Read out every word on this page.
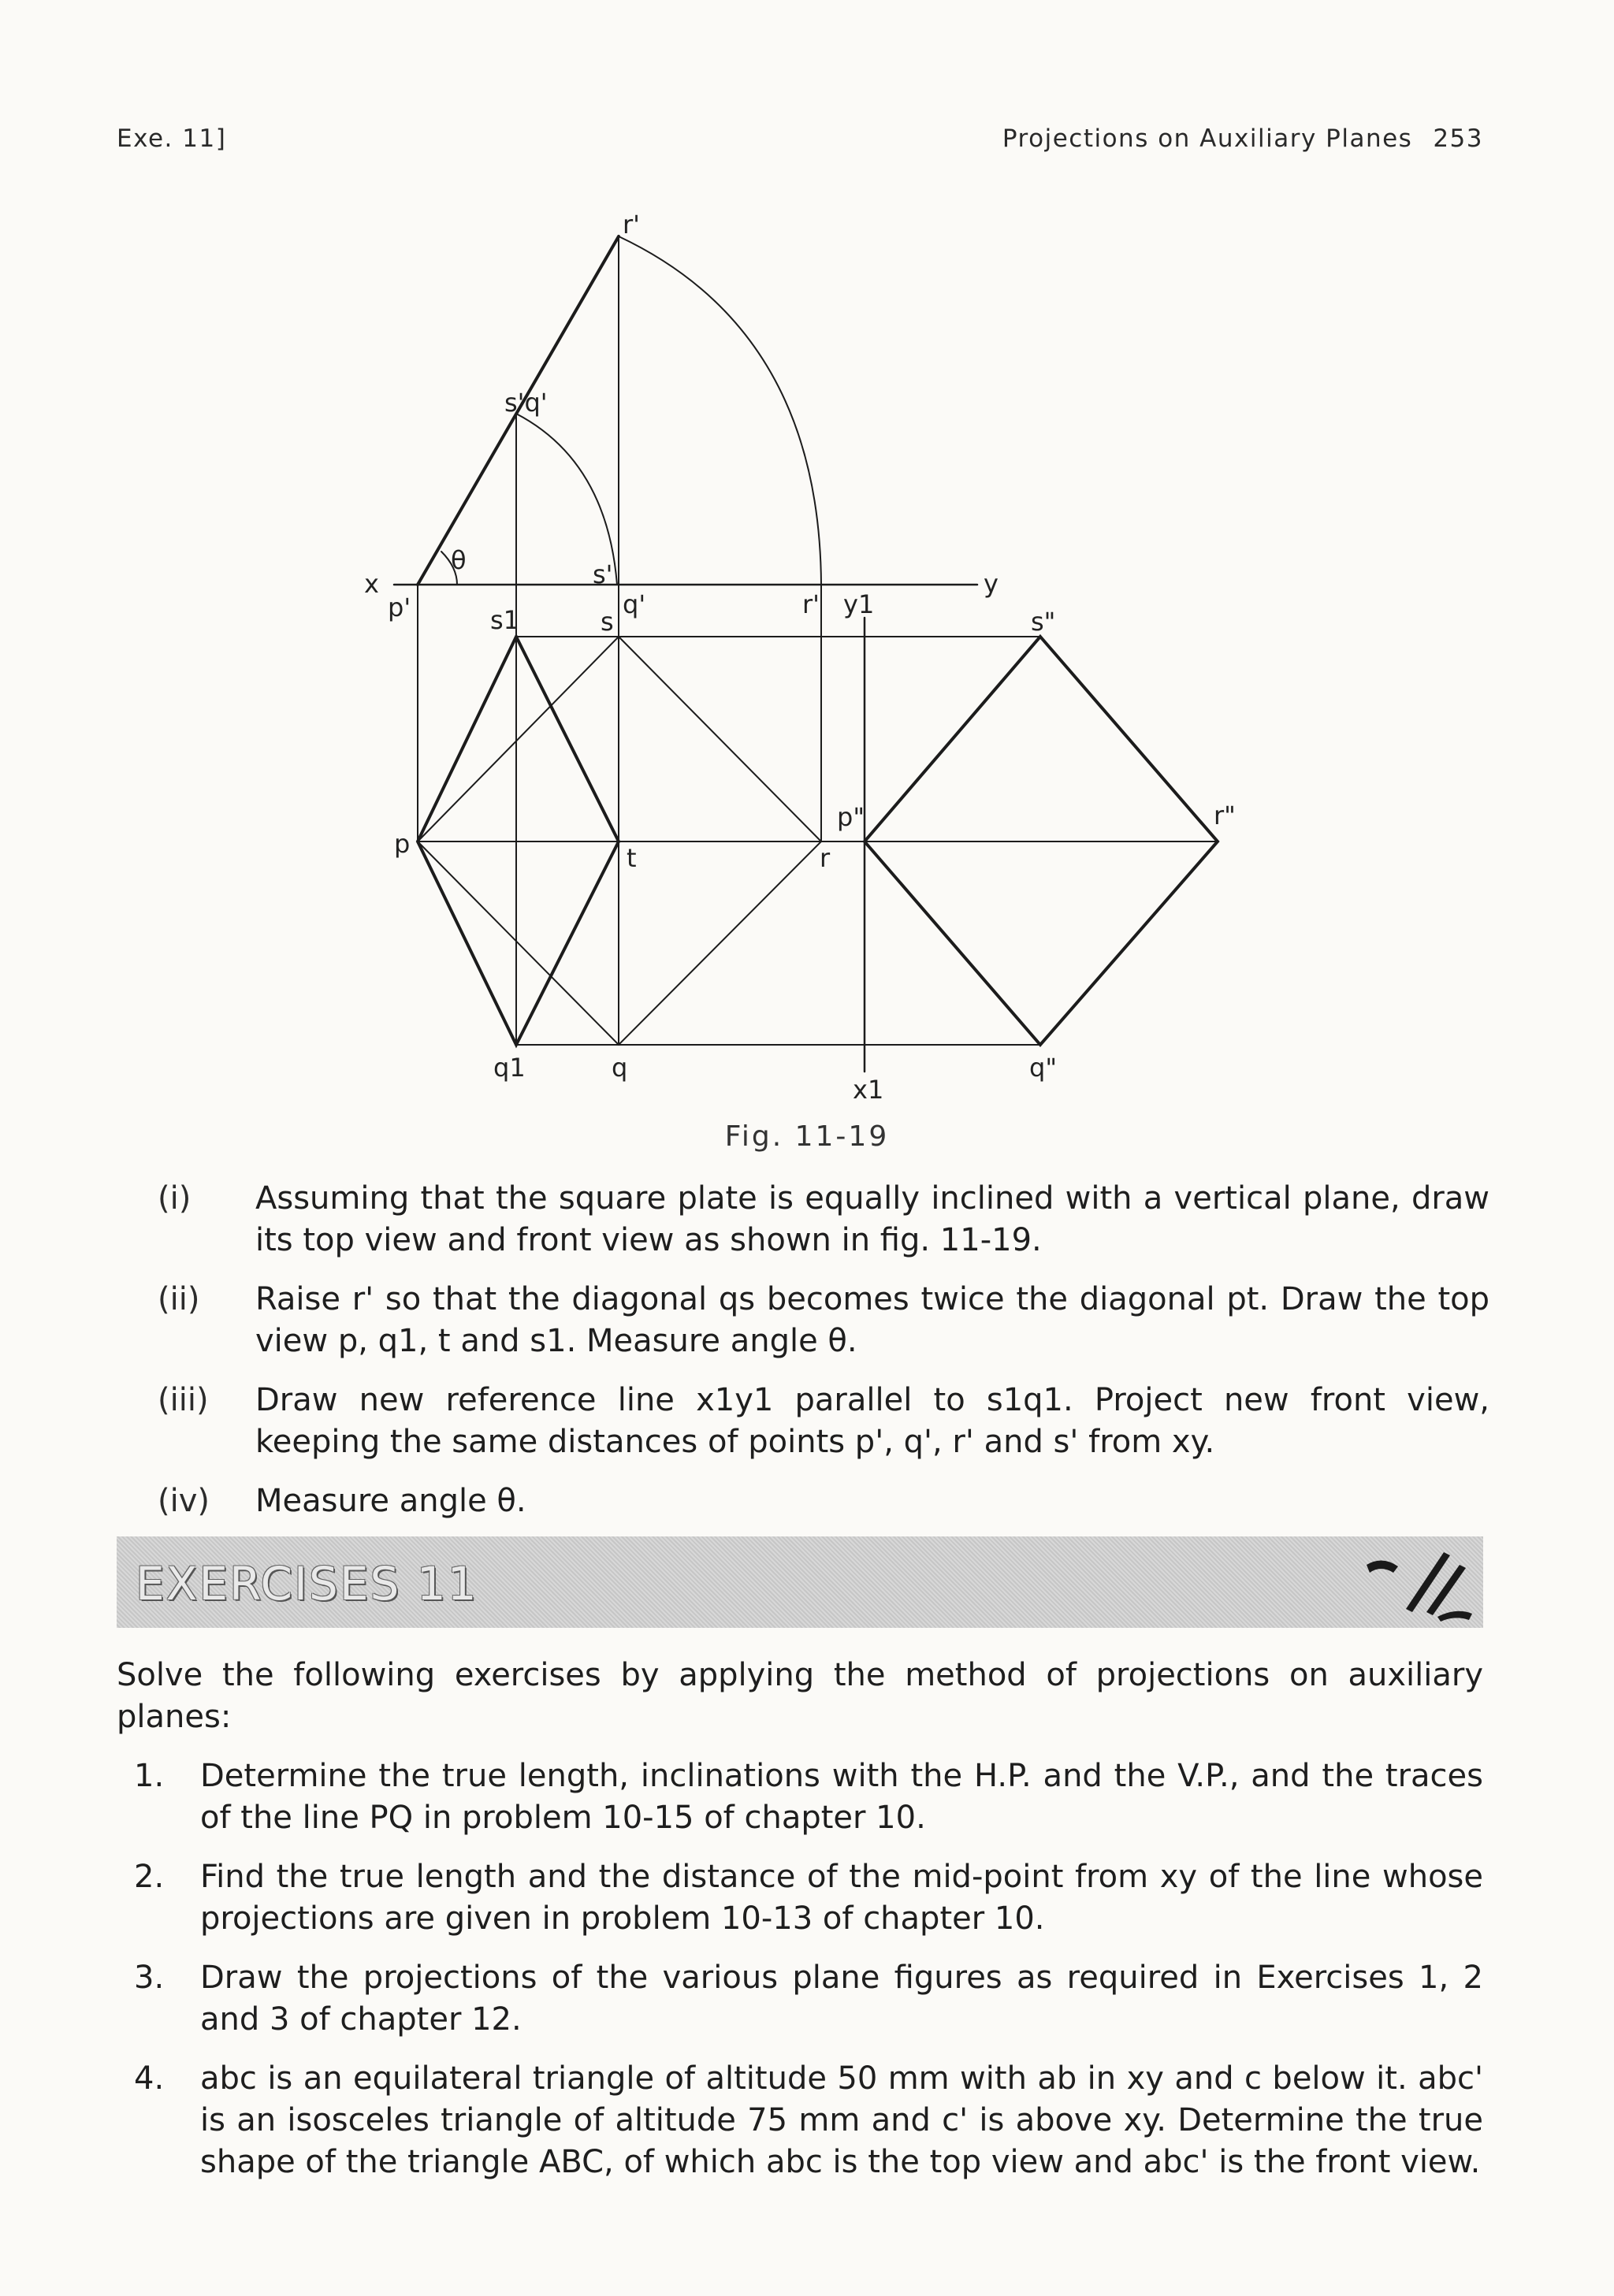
Exe. 11]	Projections on Auxiliary Planes 253
r'
s'q'
θ
x
p'
s'
s1	s
q'	r' y1
y
s"
p	t
p"
r
r"
q1	q
x1
q"
Fig. 11-19
(i)	Assuming that the square plate is equally inclined with a vertical plane, draw its top view and front view as shown in fig. 11-19.
(ii)	Raise r' so that the diagonal qs becomes twice the diagonal pt. Draw the top view p, q1, t and s1. Measure angle θ.
(iii)	Draw new reference line x1y1 parallel to s1q1. Project new front view, keeping the same distances of points p', q', r' and s' from xy.
(iv)	Measure angle θ.
EXERCISES 11
Solve the following exercises by applying the method of projections on auxiliary planes:
1. Determine the true length, inclinations with the H.P. and the V.P., and the traces of the line PQ in problem 10-15 of chapter 10.
2. Find the true length and the distance of the mid-point from xy of the line whose projections are given in problem 10-13 of chapter 10.
3. Draw the projections of the various plane figures as required in Exercises 1, 2 and 3 of chapter 12.
4. abc is an equilateral triangle of altitude 50 mm with ab in xy and c below it. abc' is an isosceles triangle of altitude 75 mm and c' is above xy. Determine the true shape of the triangle ABC, of which abc is the top view and abc' is the front view.
